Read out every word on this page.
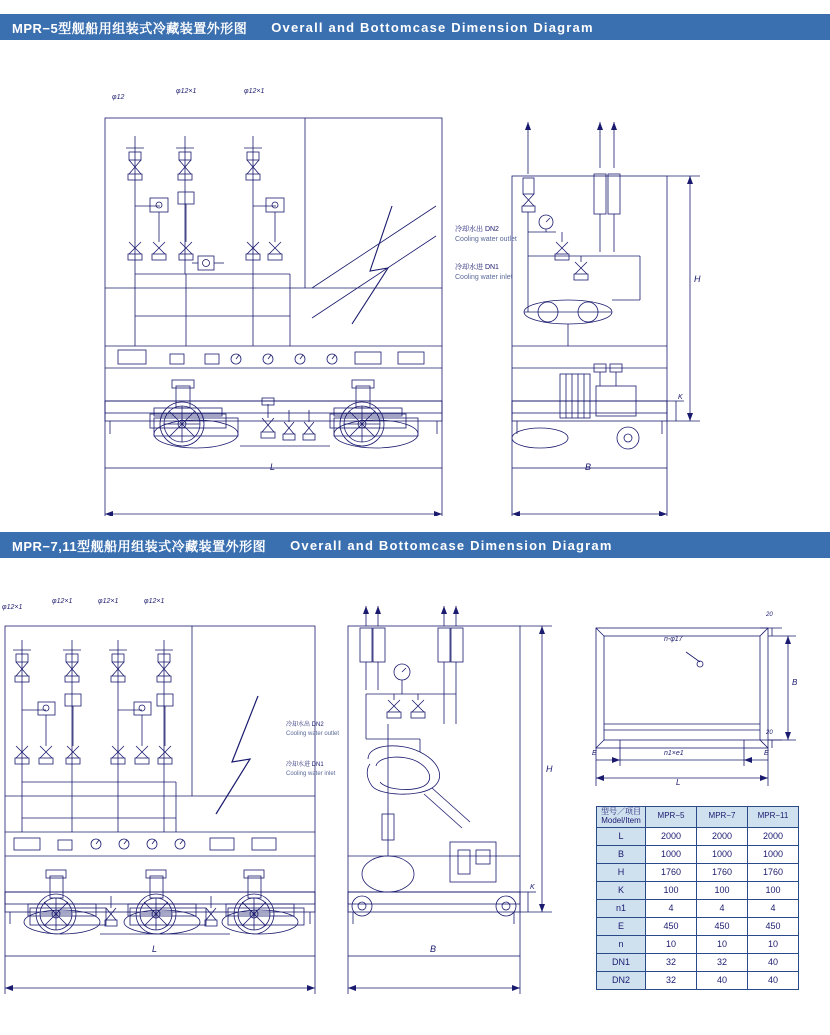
MPR−5型舰船用组装式冷藏装置外形图	Overall and Bottomcase Dimension Diagram
φ12
φ12×1	φ12×1
冷却水出 DN2
Cooling water outlet
冷却水进 DN1
Cooling water inlet
L	B
H
K
MPR−7,11型舰船用组装式冷藏装置外形图	Overall and Bottomcase Dimension Diagram
φ12×1
φ12×1	φ12×1	φ12×1
冷却水出 DN2
Cooling water outlet
冷却水进 DN1
Cooling water inlet
L	B
H
K
n-φ17
B
L
E	E
n1×e1
20
20
型号／项目
Model/Item	MPR−5	MPR−7	MPR−11
L	2000	2000	2000
B	1000	1000	1000
H	1760	1760	1760
K	100	100	100
n1	4	4	4
E	450	450	450
n	10	10	10
DN1	32	32	40
DN2	32	40	40
